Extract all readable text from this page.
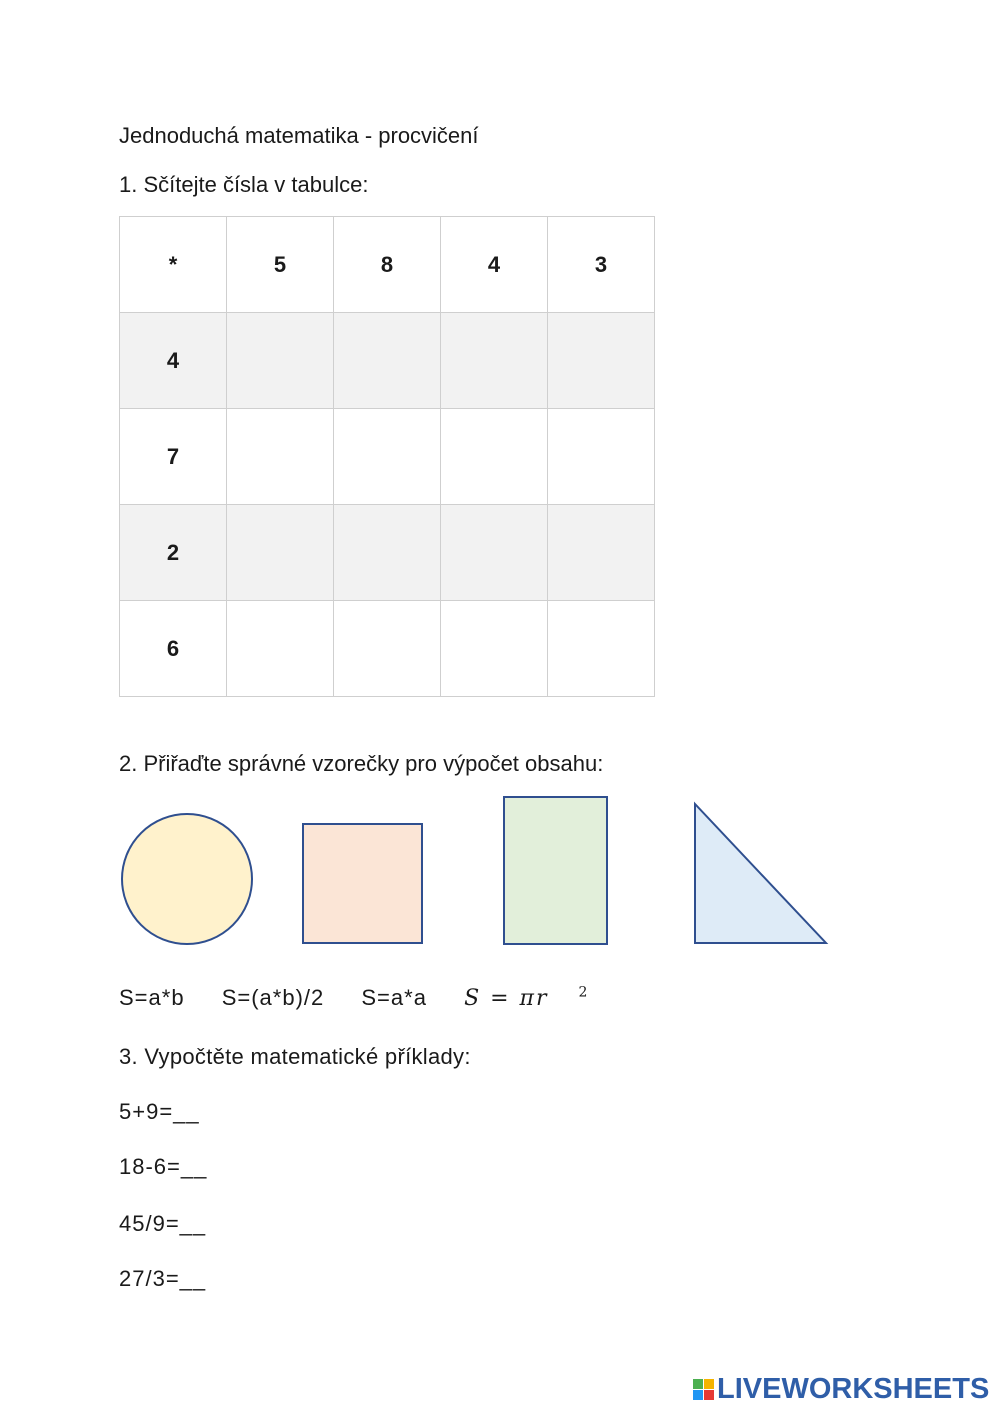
Jednoduchá matematika - procvičení
1. Sčítejte čísla v tabulce:
*	5	8	4	3
4				
7				
2				
6				
2. Přiřaďte správné vzorečky pro výpočet obsahu:
S=a*b S=(a*b)/2 S=a*a S = πr $^2$
3. Vypočtěte matematické příklady:
5+9=__
18-6=__
45/9=__
27/3=__
LIVEWORKSHEETS
